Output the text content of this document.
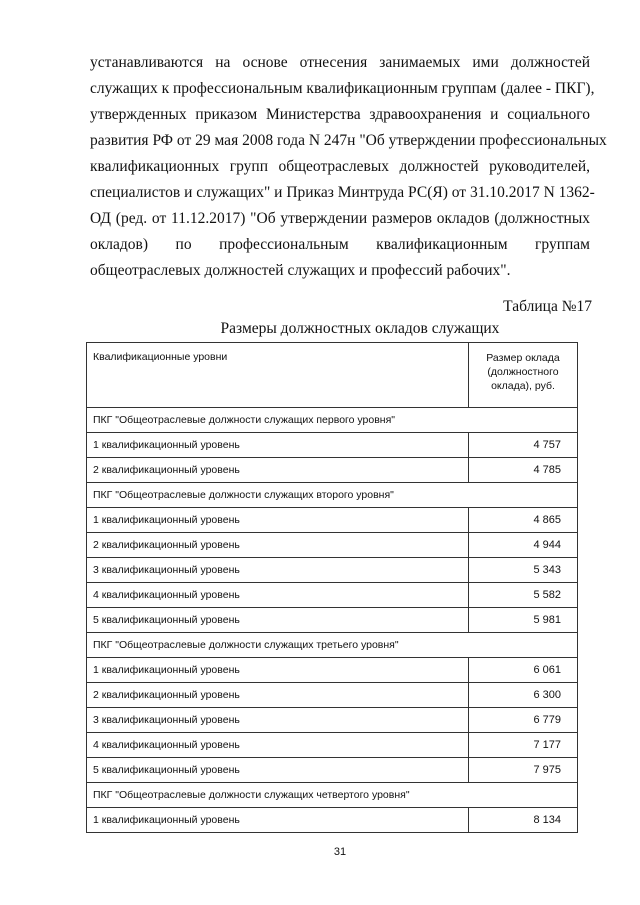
устанавливаются на основе отнесения занимаемых ими должностей
служащих к профессиональным квалификационным группам (далее - ПКГ),
утвержденных приказом Министерства здравоохранения и социального
развития РФ от 29 мая 2008 года N 247н "Об утверждении профессиональных
квалификационных групп общеотраслевых должностей руководителей,
специалистов и служащих" и Приказ Минтруда РС(Я) от 31.10.2017 N 1362-
ОД (ред. от 11.12.2017) "Об утверждении размеров окладов (должностных
окладов) по профессиональным квалификационным группам
общеотраслевых должностей служащих и профессий рабочих".

Таблица №17
Размеры должностных окладов служащих
Квалификационные уровни	Размер оклада (должностного оклада), руб.
ПКГ "Общеотраслевые должности служащих первого уровня"	
1 квалификационный уровень	4 757
2 квалификационный уровень	4 785
ПКГ "Общеотраслевые должности служащих второго уровня"	
1 квалификационный уровень	4 865
2 квалификационный уровень	4 944
3 квалификационный уровень	5 343
4 квалификационный уровень	5 582
5 квалификационный уровень	5 981
ПКГ "Общеотраслевые должности служащих третьего уровня"	
1 квалификационный уровень	6 061
2 квалификационный уровень	6 300
3 квалификационный уровень	6 779
4 квалификационный уровень	7 177
5 квалификационный уровень	7 975
ПКГ "Общеотраслевые должности служащих четвертого уровня"	
1 квалификационный уровень	8 134
31
